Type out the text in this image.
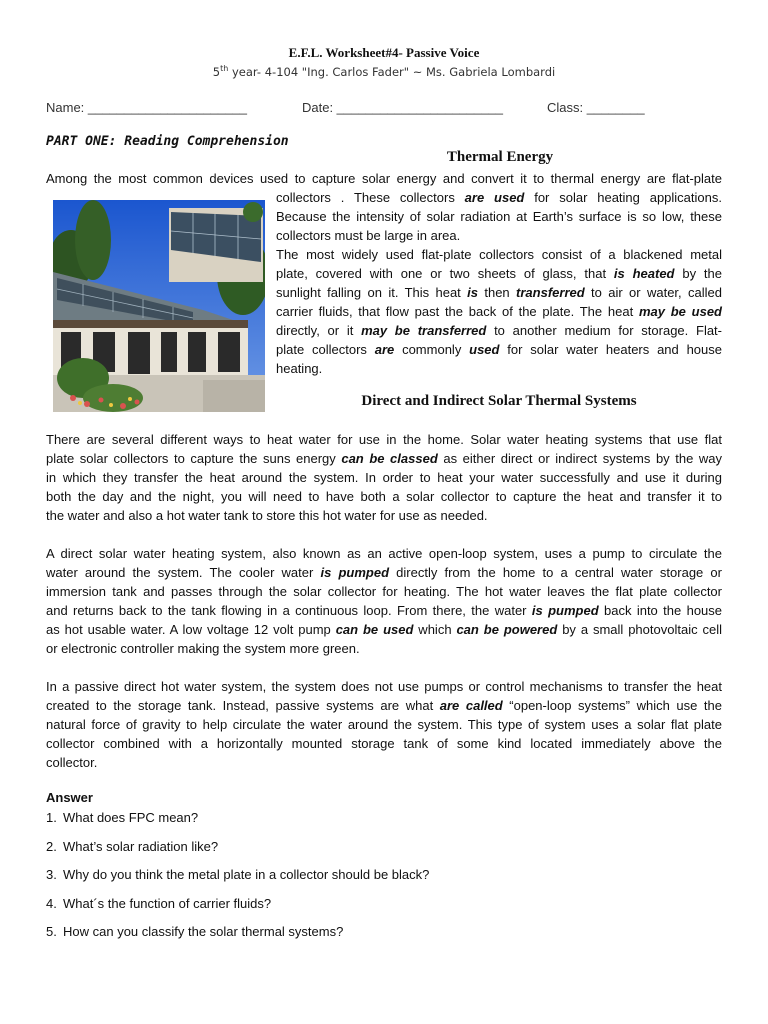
E.F.L. Worksheet#4- Passive Voice
5th year- 4-104 "Ing. Carlos Fader" ~ Ms. Gabriela Lombardi
Name: ______________________	Date: _______________________	Class: ________
PART ONE: Reading Comprehension
Thermal Energy
Among the most common devices used to capture solar energy and convert it to thermal energy are flat-plate
collectors . These collectors are used for solar heating applications.
Because the intensity of solar radiation at Earth’s surface is so low, these
collectors must be large in area.
The most widely used flat-plate collectors consist of a blackened metal
plate, covered with one or two sheets of glass, that is heated by the
sunlight falling on it. This heat is then transferred to air or water, called
carrier fluids, that flow past the back of the plate. The heat may be used
directly, or it may be transferred to another medium for storage. Flat-
plate collectors are commonly used for solar water heaters and house
heating.
Direct and Indirect Solar Thermal Systems
There are several different ways to heat water for use in the home. Solar water heating systems that use flat
plate solar collectors to capture the suns energy can be classed as either direct or indirect systems by the way
in which they transfer the heat around the system. In order to heat your water successfully and use it during
both the day and the night, you will need to have both a solar collector to capture the heat and transfer it to
the water and also a hot water tank to store this hot water for use as needed.
A direct solar water heating system, also known as an active open-loop system, uses a pump to circulate the
water around the system. The cooler water is pumped directly from the home to a central water storage or
immersion tank and passes through the solar collector for heating. The hot water leaves the flat plate collector
and returns back to the tank flowing in a continuous loop. From there, the water is pumped back into the house
as hot usable water. A low voltage 12 volt pump can be used which can be powered by a small photovoltaic cell
or electronic controller making the system more green.
In a passive direct hot water system, the system does not use pumps or control mechanisms to transfer the heat
created to the storage tank. Instead, passive systems are what are called “open-loop systems” which use the
natural force of gravity to help circulate the water around the system. This type of system uses a solar flat plate
collector combined with a horizontally mounted storage tank of some kind located immediately above the
collector.
Answer
1. What does FPC mean?
2. What’s solar radiation like?
3. Why do you think the metal plate in a collector should be black?
4. What´s the function of carrier fluids?
5. How can you classify the solar thermal systems?
